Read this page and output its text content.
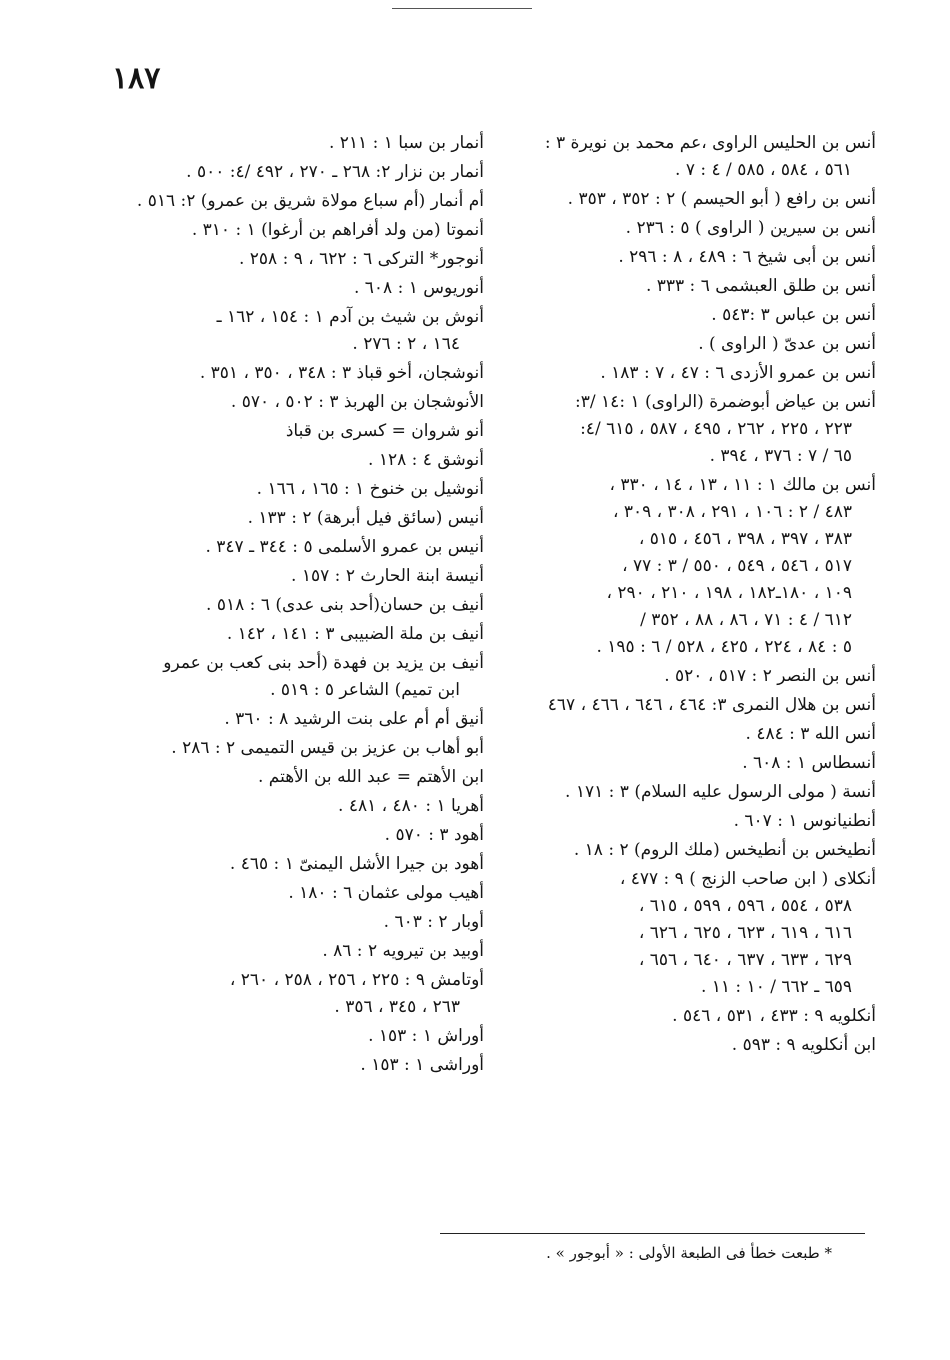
١٨٧
أنس بن الحليس الراوى ،عم محمد بن نويرة ٣ :
٥٦١ ، ٥٨٤ ، ٥٨٥ / ٤ : ٧ .
أنس بن رافع ( أبو الحيسم ) ٢ : ٣٥٢ ، ٣٥٣ .
أنس بن سيرين ( الراوى ) ٥ : ٢٣٦ .
أنس بن أبى شيخ ٦ : ٤٨٩ ، ٨ : ٢٩٦ .
أنس بن طلق العبشمى ٦ : ٣٣٣ .
أنس بن عباس ٣ :٥٤٣ .
أنس بن عدىّ ( الراوى ) .
أنس بن عمرو الأزدى ٦ : ٤٧ ، ٧ : ١٨٣ .
أنس بن عياض أبوضمرة (الراوى) ١ :١٤ /٣:
٢٢٣ ، ٢٢٥ ، ٢٦٢ ، ٤٩٥ ، ٥٨٧ ، ٦١٥ /٤:
٦٥ / ٧ : ٣٧٦ ، ٣٩٤ .
أنس بن مالك ١ : ١١ ، ١٣ ، ١٤ ، ٣٣٠ ،
٤٨٣ / ٢ : ١٠٦ ، ٢٩١ ، ٣٠٨ ، ٣٠٩ ،
٣٨٣ ، ٣٩٧ ، ٣٩٨ ، ٤٥٦ ، ٥١٥ ،
٥١٧ ، ٥٤٦ ، ٥٤٩ ، ٥٥٠ / ٣ : ٧٧ ،
١٠٩ ، ١٨٠ـ١٨٢ ، ١٩٨ ، ٢١٠ ، ٢٩٠ ،
٦١٢ / ٤ : ٧١ ، ٨٦ ، ٨٨ ، ٣٥٢ /
٥ : ٨٤ ، ٢٢٤ ، ٤٢٥ ، ٥٢٨ / ٦ : ١٩٥ .
أنس بن النصر ٢ : ٥١٧ ، ٥٢٠ .
أنس بن هلال النمرى ٣: ٤٦٤ ، ٦٤٦ ، ٤٦٦ ، ٤٦٧
أنس الله ٣ : ٤٨٤ .
أنسطاس ١ : ٦٠٨ .
أنسة ( مولى الرسول عليه السلام) ٣ : ١٧١ .
أنطنيانوس ١ : ٦٠٧ .
أنطيخس بن أنطيخس (ملك الروم) ٢ : ١٨ .
أنكلاى ( ابن صاحب الزنج ) ٩ : ٤٧٧ ،
٥٣٨ ، ٥٥٤ ، ٥٩٦ ، ٥٩٩ ، ٦١٥ ،
٦١٦ ، ٦١٩ ، ٦٢٣ ، ٦٢٥ ، ٦٢٦ ،
٦٢٩ ، ٦٣٣ ، ٦٣٧ ، ٦٤٠ ، ٦٥٦ ،
٦٥٩ ـ ٦٦٢ / ١٠ : ١١ .
أنكلويه ٩ : ٤٣٣ ، ٥٣١ ، ٥٤٦ .
ابن أنكلويه ٩ : ٥٩٣ .
أنمار بن سبا ١ : ٢١١ .
أنمار بن نزار ٢: ٢٦٨ ـ ٢٧٠ ، ٤٩٢ /٤: ٥٠٠ .
أم أنمار (أم سباع مولاة شريق بن عمرو) ٢: ٥١٦ .
أنموتا (من ولد أفراهم بن أرغوا) ١ : ٣١٠ .
أنوجور* التركى ٦ : ٦٢٢ ، ٩ : ٢٥٨ .
أنوريوس ١ : ٦٠٨ .
أنوش بن شيث بن آدم ١ : ١٥٤ ، ١٦٢ ـ
١٦٤ ، ٢ : ٢٧٦ .
أنوشجان، أخو قباذ ٣ : ٣٤٨ ، ٣٥٠ ، ٣٥١ .
الأنوشجان بن الهربذ ٣ : ٥٠٢ ، ٥٧٠ .
أنو شروان = كسرى بن قباذ
أنوشق ٤ : ١٢٨ .
أنوشيل بن خنوخ ١ : ١٦٥ ، ١٦٦ .
أنيس (سائق فيل أبرهة) ٢ : ١٣٣ .
أنيس بن عمرو الأسلمى ٥ : ٣٤٤ ـ ٣٤٧ .
أنيسة ابنة الحارث ٢ : ١٥٧ .
أنيف بن حسان(أحد بنى عدى) ٦ : ٥١٨ .
أنيف بن ملة الضبيبى ٣ : ١٤١ ، ١٤٢ .
أنيف بن يزيد بن فهدة (أحد بنى كعب بن عمرو
ابن تميم) الشاعر ٥ : ٥١٩ .
أنيق أم أم على بنت الرشيد ٨ : ٣٦٠ .
أبو أهاب بن عزيز بن قيس التميمى ٢ : ٢٨٦ .
ابن الأهتم = عبد الله بن الأهتم .
أهريا ١ : ٤٨٠ ، ٤٨١ .
أهود ٣ : ٥٧٠ .
أهود بن جيرا الأشل اليمنىّ ١ : ٤٦٥ .
أهيب مولى عثمان ٦ : ١٨٠ .
أوبار ٢ : ٦٠٣ .
أوبيد بن تيرويه ٢ : ٨٦ .
أوتامش ٩ : ٢٢٥ ، ٢٥٦ ، ٢٥٨ ، ٢٦٠ ،
٢٦٣ ، ٣٤٥ ، ٣٥٦ .
أوراش ١ : ١٥٣ .
أوراشى ١ : ١٥٣ .
* طبعت خطأ فى الطبعة الأولى : « أبوجور » .
